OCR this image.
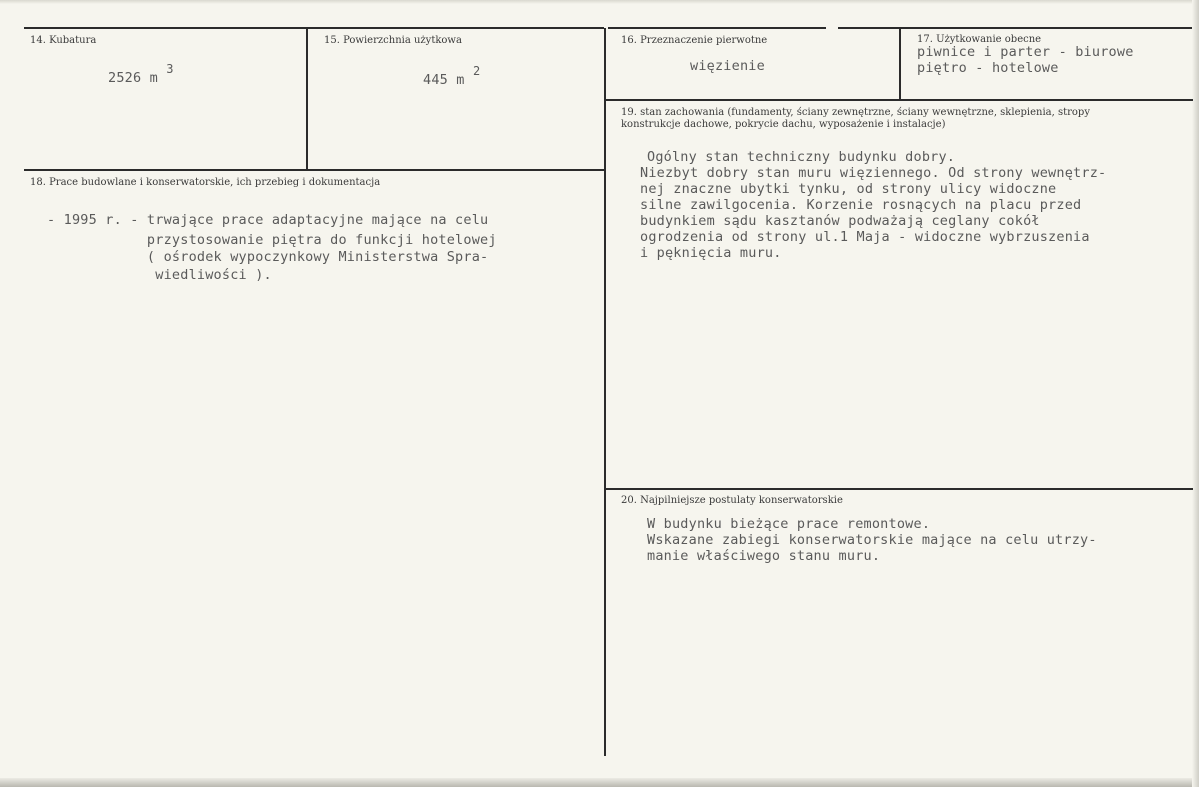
14. Kubatura
2526 m 3
15. Powierzchnia użytkowa
445 m 2
16. Przeznaczenie pierwotne
więzienie
17. Użytkowanie obecne
piwnice i parter - biurowe
piętro - hotelowe
19. stan zachowania (fundamenty, ściany zewnętrzne, ściany wewnętrzne, sklepienia, stropy
konstrukcje dachowe, pokrycie dachu, wyposażenie i instalacje)
Ogólny stan techniczny budynku dobry.
Niezbyt dobry stan muru więziennego. Od strony wewnętrz-
nej znaczne ubytki tynku, od strony ulicy widoczne
silne zawilgocenia. Korzenie rosnących na placu przed
budynkiem sądu kasztanów podważają ceglany cokół
ogrodzenia od strony ul.1 Maja - widoczne wybrzuszenia
i pęknięcia muru.
18. Prace budowlane i konserwatorskie, ich przebieg i dokumentacja
- 1995 r. - trwające prace adaptacyjne mające na celu
przystosowanie piętra do funkcji hotelowej
( ośrodek wypoczynkowy Ministerstwa Spra-
wiedliwości ).
20. Najpilniejsze postulaty konserwatorskie
W budynku bieżące prace remontowe.
Wskazane zabiegi konserwatorskie mające na celu utrzy-
manie właściwego stanu muru.
